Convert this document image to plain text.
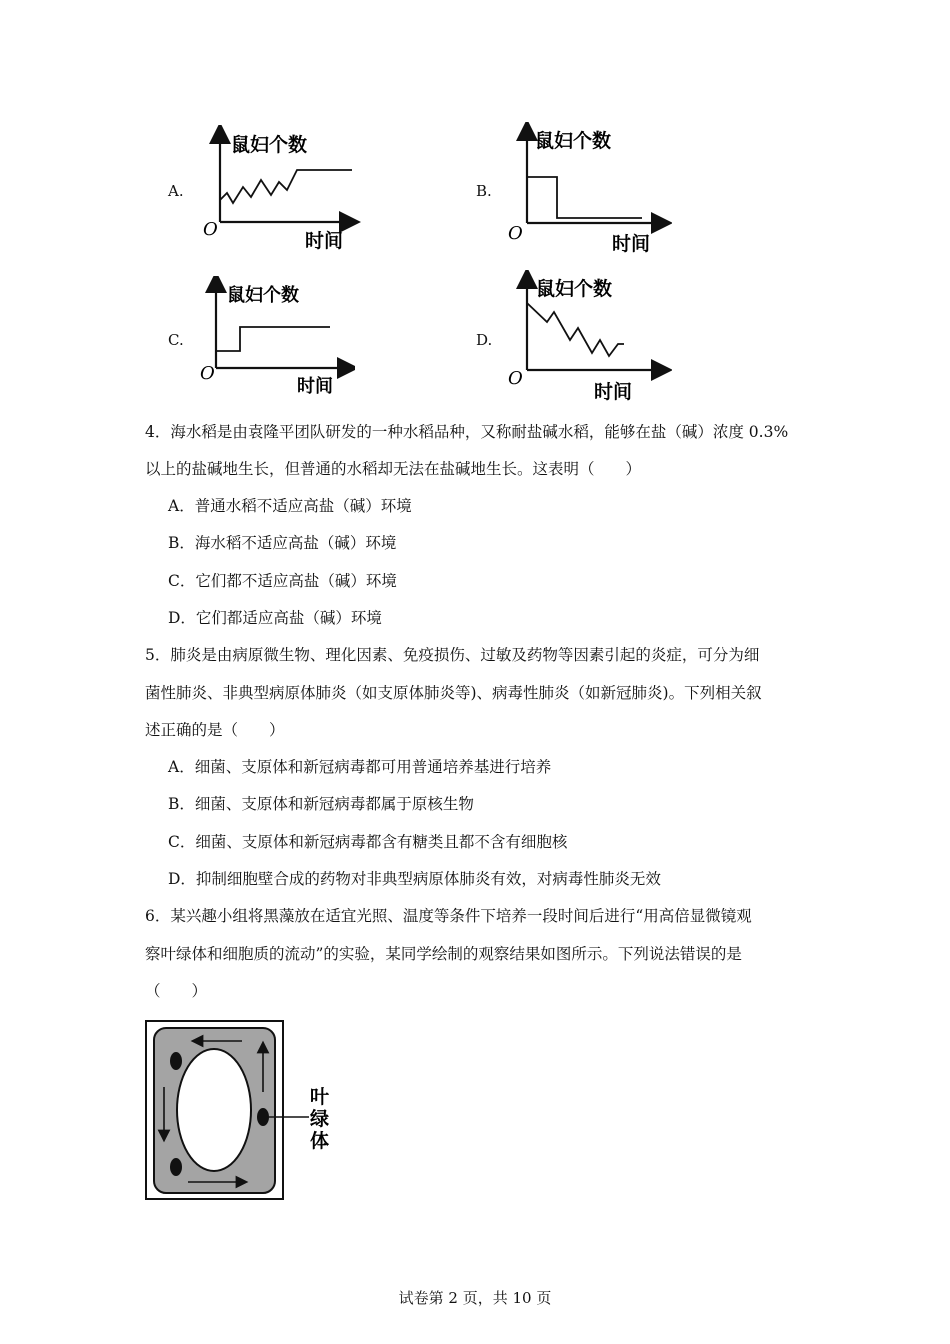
A.
鼠妇个数
时间
O
B.
鼠妇个数
时间
O
C.
鼠妇个数
时间
O
D.
鼠妇个数
时间
O
4．海水稻是由袁隆平团队研发的一种水稻品种，又称耐盐碱水稻，能够在盐（碱）浓度 0.3%
以上的盐碱地生长，但普通的水稻却无法在盐碱地生长。这表明（　　）
A．普通水稻不适应高盐（碱）环境
B．海水稻不适应高盐（碱）环境
C．它们都不适应高盐（碱）环境
D．它们都适应高盐（碱）环境
5．肺炎是由病原微生物、理化因素、免疫损伤、过敏及药物等因素引起的炎症，可分为细
菌性肺炎、非典型病原体肺炎（如支原体肺炎等)、病毒性肺炎（如新冠肺炎)。下列相关叙
述正确的是（　　）
A．细菌、支原体和新冠病毒都可用普通培养基进行培养
B．细菌、支原体和新冠病毒都属于原核生物
C．细菌、支原体和新冠病毒都含有糖类且都不含有细胞核
D．抑制细胞壁合成的药物对非典型病原体肺炎有效，对病毒性肺炎无效
6．某兴趣小组将黑藻放在适宜光照、温度等条件下培养一段时间后进行“用高倍显微镜观
察叶绿体和细胞质的流动”的实验，某同学绘制的观察结果如图所示。下列说法错误的是
（　　）
叶
绿
体
试卷第 2 页，共 10 页
